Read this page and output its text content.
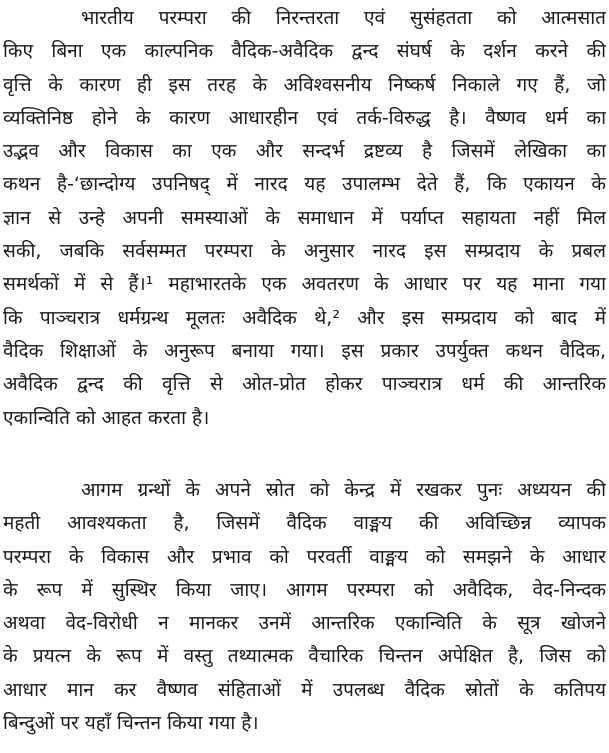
भारतीय परम्परा की निरन्तरता एवं सुसंहतता को आत्मसात
किए बिना एक काल्पनिक वैदिक-अवैदिक द्वन्द संघर्ष के दर्शन करने की
वृत्ति के कारण ही इस तरह के अविश्वसनीय निष्कर्ष निकाले गए हैं, जो
व्यक्तिनिष्ठ होने के कारण आधारहीन एवं तर्क-विरुद्ध है। वैष्णव धर्म का
उद्भव और विकास का एक और सन्दर्भ द्रष्टव्य है जिसमें लेखिका का
कथन है-‘छान्दोग्य उपनिषद् में नारद यह उपालम्भ देते हैं, कि एकायन के
ज्ञान से उन्हे अपनी समस्याओं के समाधान में पर्याप्त सहायता नहीं मिल
सकी, जबकि सर्वसम्मत परम्परा के अनुसार नारद इस सम्प्रदाय के प्रबल
समर्थकों में से हैं।¹ महाभारतके एक अवतरण के आधार पर यह माना गया
कि पाञ्चरात्र धर्मग्रन्थ मूलतः अवैदिक थे,² और इस सम्प्रदाय को बाद में
वैदिक शिक्षाओं के अनुरूप बनाया गया। इस प्रकार उपर्युक्त कथन वैदिक,
अवैदिक द्वन्द की वृत्ति से ओत-प्रोत होकर पाञ्चरात्र धर्म की आन्तरिक
एकान्विति को आहत करता है।
आगम ग्रन्थों के अपने स्रोत को केन्द्र में रखकर पुनः अध्ययन की
महती आवश्यकता है, जिसमें वैदिक वाङ्मय की अविच्छिन्न व्यापक
परम्परा के विकास और प्रभाव को परवर्ती वाङ्मय को समझने के आधार
के रूप में सुस्थिर किया जाए। आगम परम्परा को अवैदिक, वेद-निन्दक
अथवा वेद-विरोधी न मानकर उनमें आन्तरिक एकान्विति के सूत्र खोजने
के प्रयत्न के रूप में वस्तु तथ्यात्मक वैचारिक चिन्तन अपेक्षित है, जिस को
आधार मान कर वैष्णव संहिताओं में उपलब्ध वैदिक स्रोतों के कतिपय
बिन्दुओं पर यहाँ चिन्तन किया गया है।
